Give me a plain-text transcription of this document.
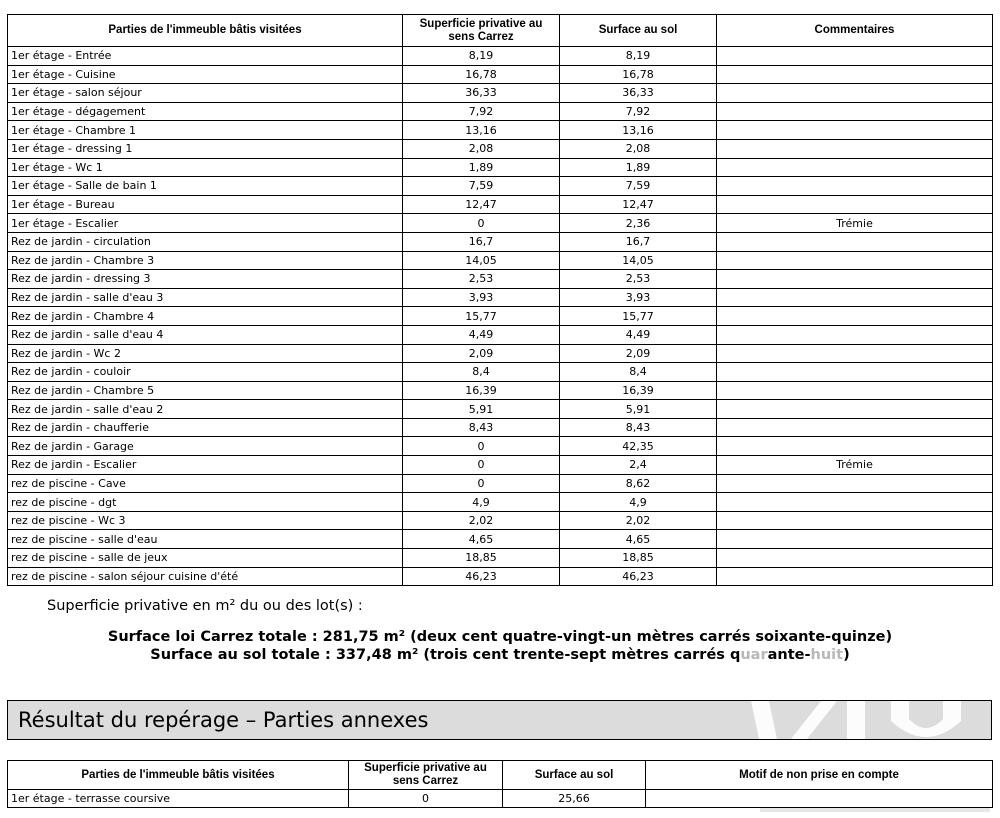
Parties de l'immeuble bâtis visitées	Superficie privative au sens Carrez	Surface au sol	Commentaires
1er étage - Entrée	8,19	8,19	
1er étage - Cuisine	16,78	16,78	
1er étage - salon séjour	36,33	36,33	
1er étage - dégagement	7,92	7,92	
1er étage - Chambre 1	13,16	13,16	
1er étage - dressing 1	2,08	2,08	
1er étage - Wc 1	1,89	1,89	
1er étage - Salle de bain 1	7,59	7,59	
1er étage - Bureau	12,47	12,47	
1er étage - Escalier	0	2,36	Trémie
Rez de jardin - circulation	16,7	16,7	
Rez de jardin - Chambre 3	14,05	14,05	
Rez de jardin - dressing 3	2,53	2,53	
Rez de jardin - salle d'eau 3	3,93	3,93	
Rez de jardin - Chambre 4	15,77	15,77	
Rez de jardin - salle d'eau 4	4,49	4,49	
Rez de jardin - Wc 2	2,09	2,09	
Rez de jardin - couloir	8,4	8,4	
Rez de jardin - Chambre 5	16,39	16,39	
Rez de jardin - salle d'eau 2	5,91	5,91	
Rez de jardin - chaufferie	8,43	8,43	
Rez de jardin - Garage	0	42,35	
Rez de jardin - Escalier	0	2,4	Trémie
rez de piscine - Cave	0	8,62	
rez de piscine - dgt	4,9	4,9	
rez de piscine - Wc 3	2,02	2,02	
rez de piscine - salle d'eau	4,65	4,65	
rez de piscine - salle de jeux	18,85	18,85	
rez de piscine - salon séjour cuisine d'été	46,23	46,23	
Superficie privative en m² du ou des lot(s) :
Surface loi Carrez totale : 281,75 m² (deux cent quatre-vingt-un mètres carrés soixante-quinze)
Surface au sol totale : 337,48 m² (trois cent trente-sept mètres carrés quarante-huit)
Résultat du repérage – Parties annexes
Parties de l'immeuble bâtis visitées	Superficie privative au sens Carrez	Surface au sol	Motif de non prise en compte
1er étage - terrasse coursive	0	25,66	
